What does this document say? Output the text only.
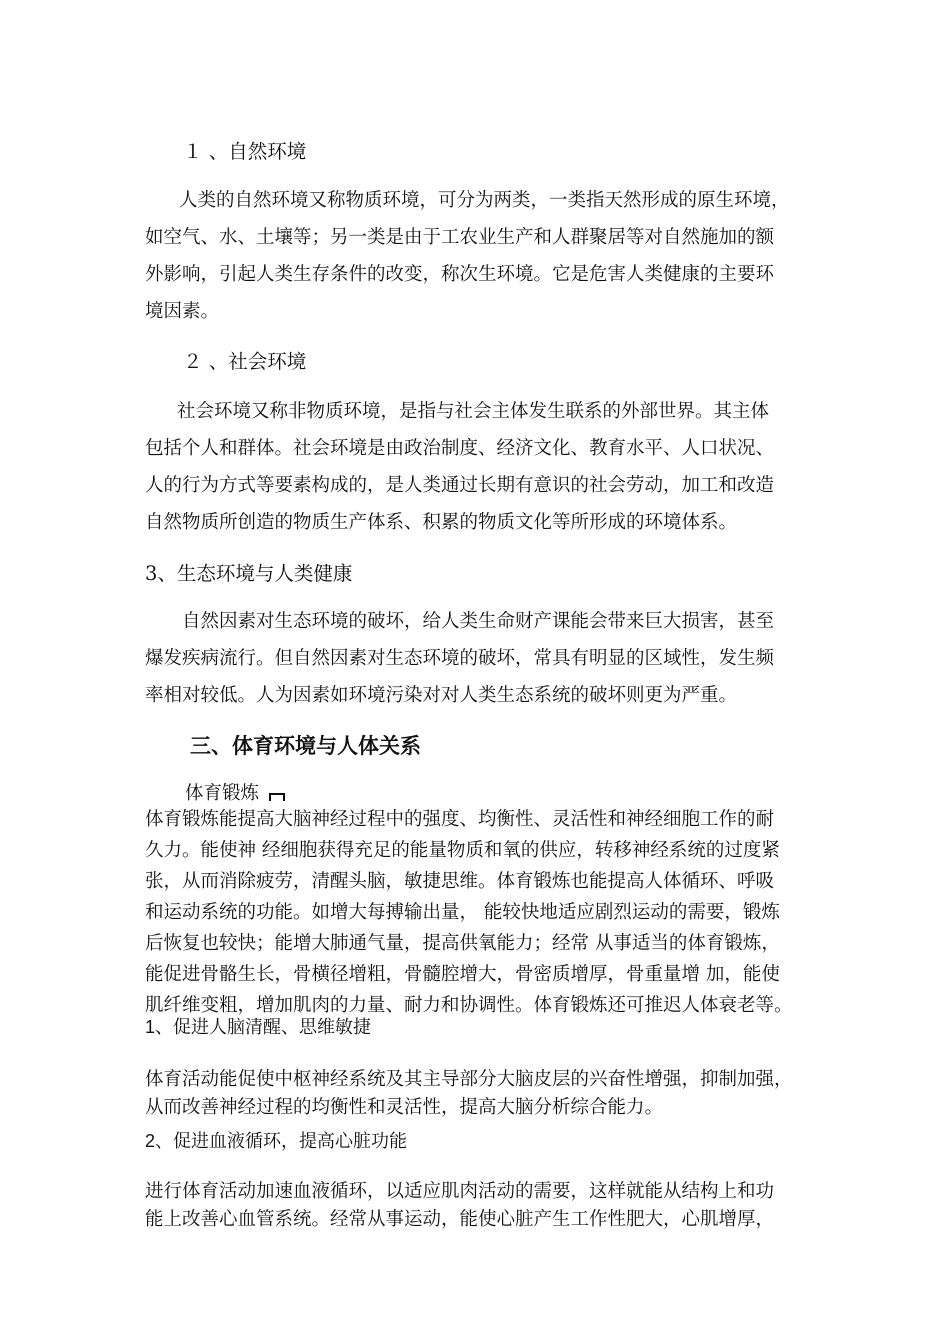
１ 、自然环境
人类的自然环境又称物质环境，可分为两类，一类指天然形成的原生环境，
如空气、水、土壤等；另一类是由于工农业生产和人群聚居等对自然施加的额
外影响，引起人类生存条件的改变，称次生环境。它是危害人类健康的主要环
境因素。
２ 、社会环境
社会环境又称非物质环境，是指与社会主体发生联系的外部世界。其主体
包括个人和群体。社会环境是由政治制度、经济文化、教育水平、人口状况、
人的行为方式等要素构成的，是人类通过长期有意识的社会劳动，加工和改造
自然物质所创造的物质生产体系、积累的物质文化等所形成的环境体系。
3、生态环境与人类健康
自然因素对生态环境的破坏，给人类生命财产课能会带来巨大损害，甚至
爆发疾病流行。但自然因素对生态环境的破坏，常具有明显的区域性，发生频
率相对较低。人为因素如环境污染对对人类生态系统的破坏则更为严重。
三、体育环境与人体关系
体育锻炼
体育锻炼能提高大脑神经过程中的强度、均衡性、灵活性和神经细胞工作的耐
久力。能使神 经细胞获得充足的能量物质和氧的供应，转移神经系统的过度紧
张，从而消除疲劳，清醒头脑，敏捷思维。体育锻炼也能提高人体循环、呼吸
和运动系统的功能。如增大每搏输出量， 能较快地适应剧烈运动的需要，锻炼
后恢复也较快；能增大肺通气量，提高供氧能力；经常 从事适当的体育锻炼，
能促进骨骼生长，骨横径增粗，骨髓腔增大，骨密质增厚，骨重量增 加，能使
肌纤维变粗，增加肌肉的力量、耐力和协调性。体育锻炼还可推迟人体衰老等。
1、促进人脑清醒、思维敏捷
体育活动能促使中枢神经系统及其主导部分大脑皮层的兴奋性增强，抑制加强，
从而改善神经过程的均衡性和灵活性，提高大脑分析综合能力。
2、促进血液循环，提高心脏功能
进行体育活动加速血液循环，以适应肌肉活动的需要，这样就能从结构上和功
能上改善心血管系统。经常从事运动，能使心脏产生工作性肥大，心肌增厚，
